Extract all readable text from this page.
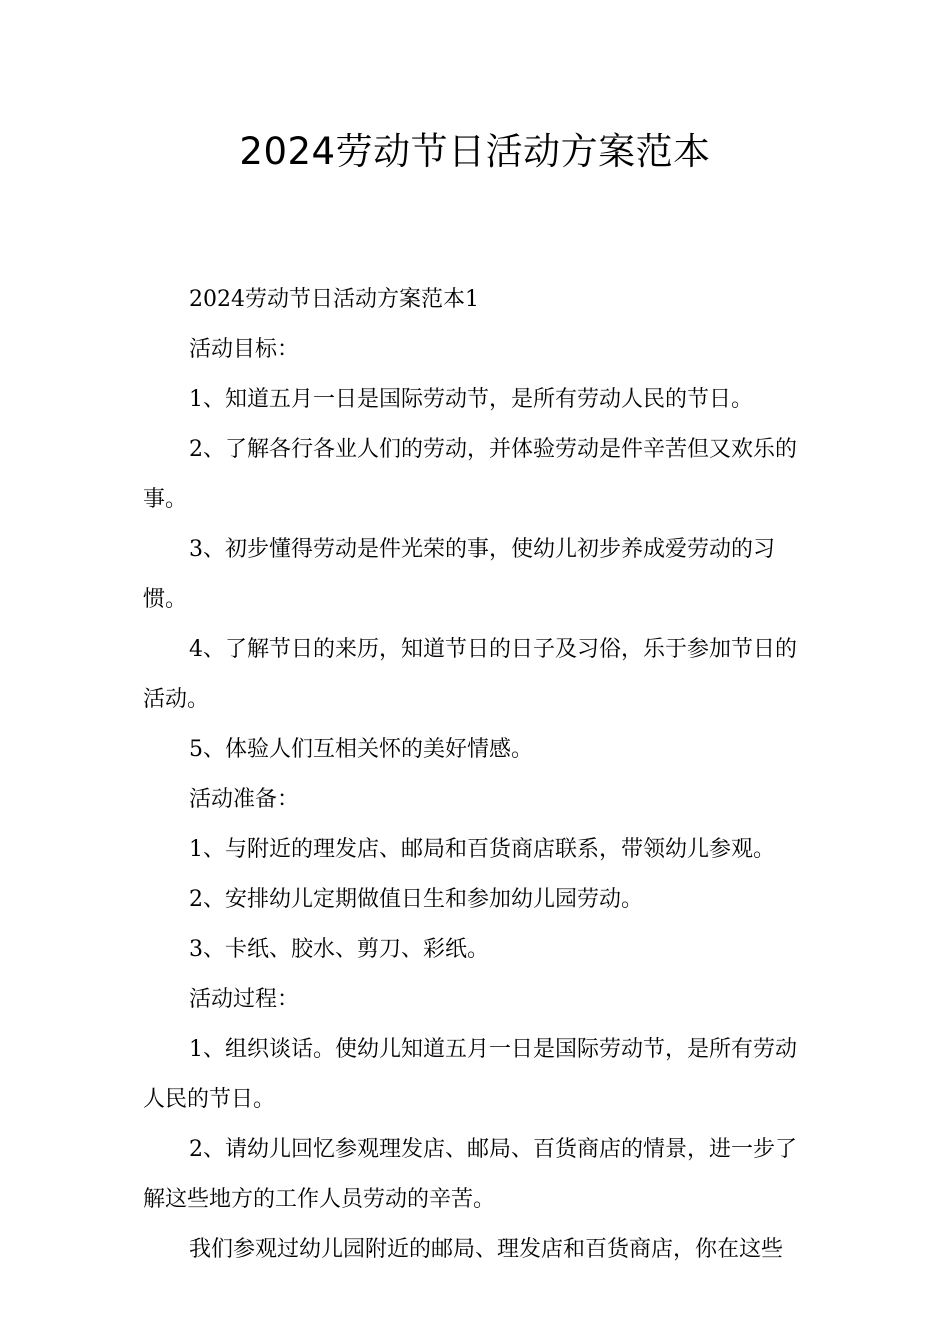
2024劳动节日活动方案范本

2024劳动节日活动方案范本1

活动目标：

1、知道五月一日是国际劳动节，是所有劳动人民的节日。

2、了解各行各业人们的劳动，并体验劳动是件辛苦但又欢乐的事。

3、初步懂得劳动是件光荣的事，使幼儿初步养成爱劳动的习惯。

4、了解节日的来历，知道节日的日子及习俗，乐于参加节日的活动。

5、体验人们互相关怀的美好情感。

活动准备：

1、与附近的理发店、邮局和百货商店联系，带领幼儿参观。

2、安排幼儿定期做值日生和参加幼儿园劳动。

3、卡纸、胶水、剪刀、彩纸。

活动过程：

1、组织谈话。使幼儿知道五月一日是国际劳动节，是所有劳动人民的节日。

2、请幼儿回忆参观理发店、邮局、百货商店的情景，进一步了解这些地方的工作人员劳动的辛苦。

我们参观过幼儿园附近的邮局、理发店和百货商店，你在这些
